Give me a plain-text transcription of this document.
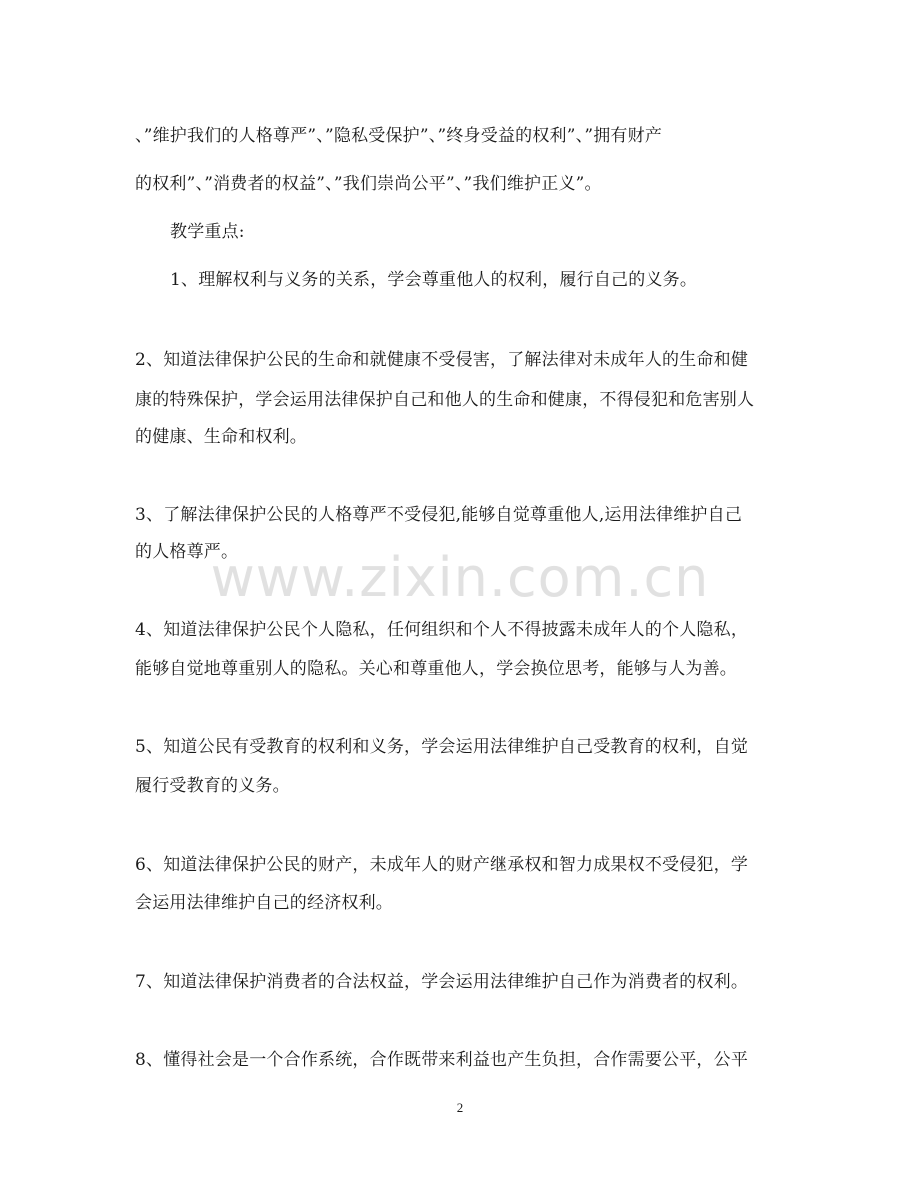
、”维护我们的人格尊严”、”隐私受保护”、”终身受益的权利”、”拥有财产
的权利”、”消费者的权益”、”我们崇尚公平”、”我们维护正义”。
教学重点:
1、理解权利与义务的关系，学会尊重他人的权利，履行自己的义务。
2、知道法律保护公民的生命和就健康不受侵害，了解法律对未成年人的生命和健
康的特殊保护，学会运用法律保护自己和他人的生命和健康，不得侵犯和危害别人
的健康、生命和权利。
3、了解法律保护公民的人格尊严不受侵犯,能够自觉尊重他人,运用法律维护自己
的人格尊严。
4、知道法律保护公民个人隐私，任何组织和个人不得披露未成年人的个人隐私，
能够自觉地尊重别人的隐私。关心和尊重他人，学会换位思考，能够与人为善。
5、知道公民有受教育的权利和义务，学会运用法律维护自己受教育的权利，自觉
履行受教育的义务。
6、知道法律保护公民的财产，未成年人的财产继承权和智力成果权不受侵犯，学
会运用法律维护自己的经济权利。
7、知道法律保护消费者的合法权益，学会运用法律维护自己作为消费者的权利。
8、懂得社会是一个合作系统，合作既带来利益也产生负担，合作需要公平，公平
www.zixin.com.cn
2
